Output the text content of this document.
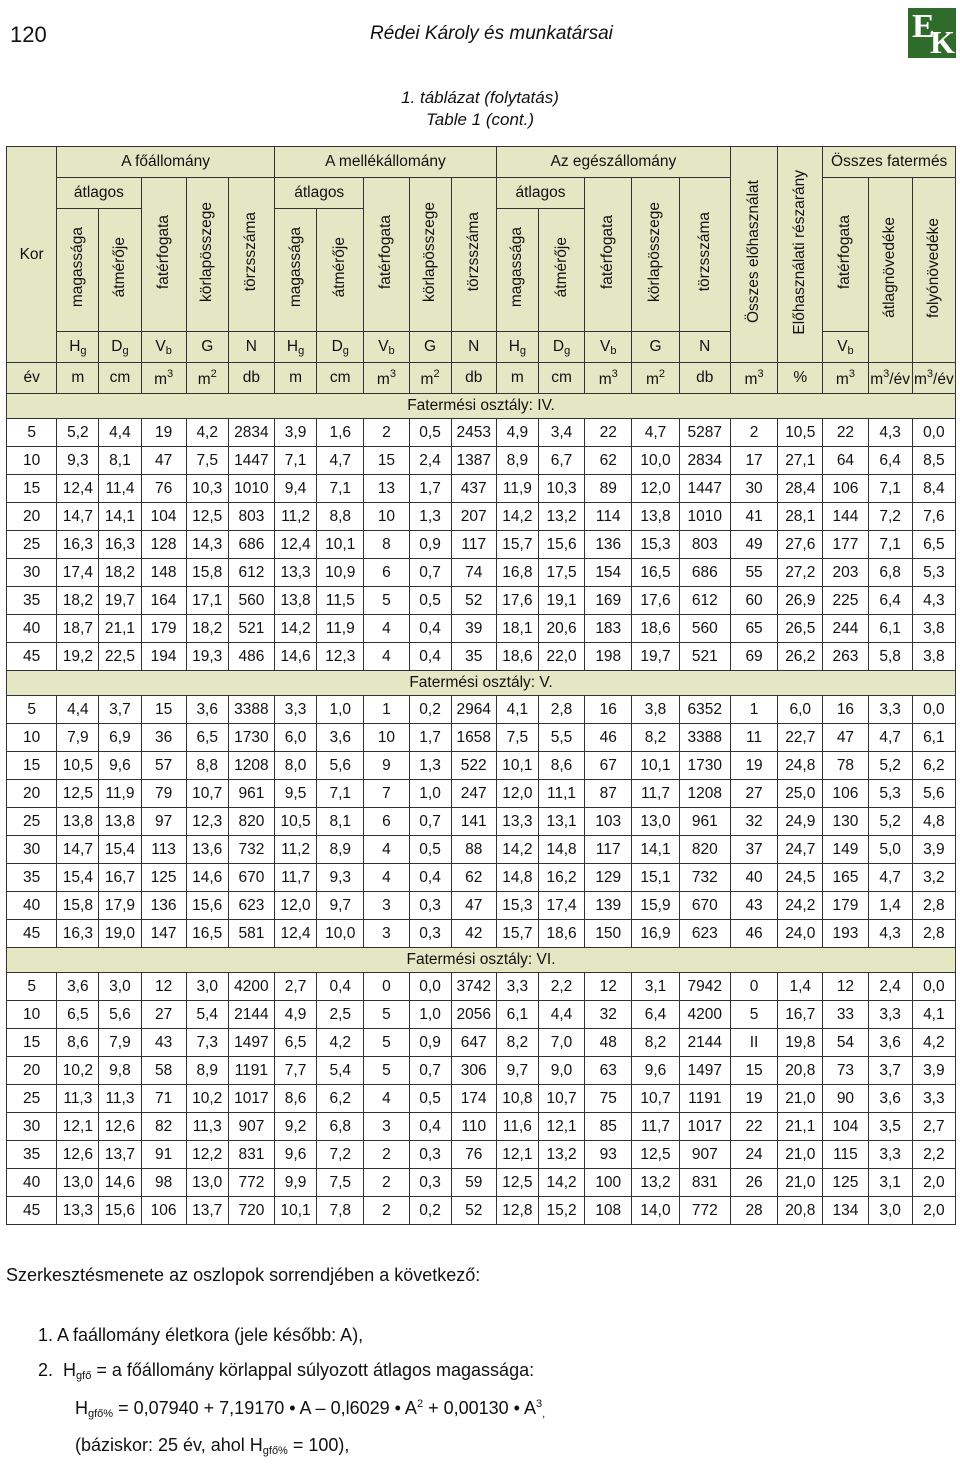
120	Rédei Károly és munkatársai	E
K
1. táblázat (folytatás)
Table 1 (cont.)
Kor	A főállomány					A mellékállomány					Az egészállomány					Összes előhasználat	Előhasználati részarány	Összes fatermés		
	átlagos		fatérfogata	körlapösszege	törzsszáma	átlagos		fatérfogata	körlapösszege	törzsszáma	átlagos		fatérfogata	körlapösszege	törzsszáma			fatérfogata	átlagnövedéke	folyónövedéke
	magassága	átmérője				magassága	átmérője				magassága	átmérője								
	$H_g$	$D_g$	$V_b$	G	N	$H_g$	$D_g$	$V_b$	G	N	$H_g$	$D_g$	$V_b$	G	N			$V_b$
év	m	cm	$m^3$	$m^2$	db	m	cm	$m^3$	$m^2$	db	m	cm	$m^3$	$m^2$	db	$m^3$	%	$m^3$	$m^3/év$	$m^3/év$
Fatermési osztály: IV.																				
5	5,2	4,4	19	4,2	2834	3,9	1,6	2	0,5	2453	4,9	3,4	22	4,7	5287	2	10,5	22	4,3	0,0
10	9,3	8,1	47	7,5	1447	7,1	4,7	15	2,4	1387	8,9	6,7	62	10,0	2834	17	27,1	64	6,4	8,5
15	12,4	11,4	76	10,3	1010	9,4	7,1	13	1,7	437	11,9	10,3	89	12,0	1447	30	28,4	106	7,1	8,4
20	14,7	14,1	104	12,5	803	11,2	8,8	10	1,3	207	14,2	13,2	114	13,8	1010	41	28,1	144	7,2	7,6
25	16,3	16,3	128	14,3	686	12,4	10,1	8	0,9	117	15,7	15,6	136	15,3	803	49	27,6	177	7,1	6,5
30	17,4	18,2	148	15,8	612	13,3	10,9	6	0,7	74	16,8	17,5	154	16,5	686	55	27,2	203	6,8	5,3
35	18,2	19,7	164	17,1	560	13,8	11,5	5	0,5	52	17,6	19,1	169	17,6	612	60	26,9	225	6,4	4,3
40	18,7	21,1	179	18,2	521	14,2	11,9	4	0,4	39	18,1	20,6	183	18,6	560	65	26,5	244	6,1	3,8
45	19,2	22,5	194	19,3	486	14,6	12,3	4	0,4	35	18,6	22,0	198	19,7	521	69	26,2	263	5,8	3,8
Fatermési osztály: V.																				
5	4,4	3,7	15	3,6	3388	3,3	1,0	1	0,2	2964	4,1	2,8	16	3,8	6352	1	6,0	16	3,3	0,0
10	7,9	6,9	36	6,5	1730	6,0	3,6	10	1,7	1658	7,5	5,5	46	8,2	3388	11	22,7	47	4,7	6,1
15	10,5	9,6	57	8,8	1208	8,0	5,6	9	1,3	522	10,1	8,6	67	10,1	1730	19	24,8	78	5,2	6,2
20	12,5	11,9	79	10,7	961	9,5	7,1	7	1,0	247	12,0	11,1	87	11,7	1208	27	25,0	106	5,3	5,6
25	13,8	13,8	97	12,3	820	10,5	8,1	6	0,7	141	13,3	13,1	103	13,0	961	32	24,9	130	5,2	4,8
30	14,7	15,4	113	13,6	732	11,2	8,9	4	0,5	88	14,2	14,8	117	14,1	820	37	24,7	149	5,0	3,9
35	15,4	16,7	125	14,6	670	11,7	9,3	4	0,4	62	14,8	16,2	129	15,1	732	40	24,5	165	4,7	3,2
40	15,8	17,9	136	15,6	623	12,0	9,7	3	0,3	47	15,3	17,4	139	15,9	670	43	24,2	179	1,4	2,8
45	16,3	19,0	147	16,5	581	12,4	10,0	3	0,3	42	15,7	18,6	150	16,9	623	46	24,0	193	4,3	2,8
Fatermési osztály: VI.																				
5	3,6	3,0	12	3,0	4200	2,7	0,4	0	0,0	3742	3,3	2,2	12	3,1	7942	0	1,4	12	2,4	0,0
10	6,5	5,6	27	5,4	2144	4,9	2,5	5	1,0	2056	6,1	4,4	32	6,4	4200	5	16,7	33	3,3	4,1
15	8,6	7,9	43	7,3	1497	6,5	4,2	5	0,9	647	8,2	7,0	48	8,2	2144	II	19,8	54	3,6	4,2
20	10,2	9,8	58	8,9	1191	7,7	5,4	5	0,7	306	9,7	9,0	63	9,6	1497	15	20,8	73	3,7	3,9
25	11,3	11,3	71	10,2	1017	8,6	6,2	4	0,5	174	10,8	10,7	75	10,7	1191	19	21,0	90	3,6	3,3
30	12,1	12,6	82	11,3	907	9,2	6,8	3	0,4	110	11,6	12,1	85	11,7	1017	22	21,1	104	3,5	2,7
35	12,6	13,7	91	12,2	831	9,6	7,2	2	0,3	76	12,1	13,2	93	12,5	907	24	21,0	115	3,3	2,2
40	13,0	14,6	98	13,0	772	9,9	7,5	2	0,3	59	12,5	14,2	100	13,2	831	26	21,0	125	3,1	2,0
45	13,3	15,6	106	13,7	720	10,1	7,8	2	0,2	52	12,8	15,2	108	14,0	772	28	20,8	134	3,0	2,0
Szerkesztésmenete az oszlopok sorrendjében a következő:
1. A faállomány életkora (jele később: A),
2. $H_{gfő} = a$ főállomány körlappal súlyozott átlagos magassága:
$H_{gfő\%} = 0,07940 + 7,19170$ • A – 0,l6029 • $A^2 + 0,00130$ • $A^3_,$
(báziskor: 25 év, ahol $H_{gfő\%} = 100$),
